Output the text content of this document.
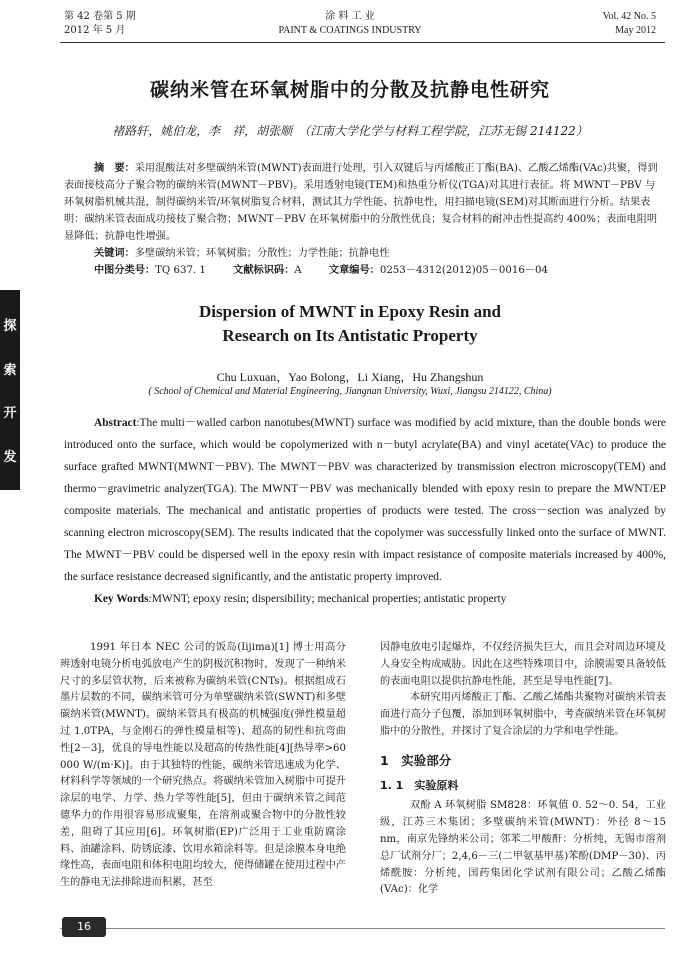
第 42 卷第 5 期
2012 年 5 月
涂 料 工 业
PAINT & COATINGS INDUSTRY
Vol. 42 No. 5
May 2012
探
索
开
发
碳纳米管在环氧树脂中的分散及抗静电性研究
褚路轩，姚伯龙，李　祥，胡张顺　（江南大学化学与材料工程学院，江苏无锡 214122）

摘　要：采用混酸法对多壁碳纳米管(MWNT)表面进行处理，引入双键后与丙烯酸正丁酯(BA)、乙酸乙烯酯(VAc)共聚，得到表面接枝高分子聚合物的碳纳米管(MWNT－PBV)。采用透射电镜(TEM)和热重分析仪(TGA)对其进行表征。将 MWNT－PBV 与环氧树脂机械共混，制得碳纳米管/环氧树脂复合材料，测试其力学性能、抗静电性，用扫描电镜(SEM)对其断面进行分析。结果表明：碳纳米管表面成功接枝了聚合物；MWNT－PBV 在环氧树脂中的分散性优良；复合材料的耐冲击性提高约 400%；表面电阻明显降低；抗静电性增强。

关键词：多壁碳纳米管；环氧树脂；分散性；力学性能；抗静电性

中图分类号：TQ 637. 1	文献标识码：A	文章编号：0253－4312(2012)05－0016－04

Dispersion of MWNT in Epoxy Resin and Research on Its Antistatic Property
Chu Luxuan，Yao Bolong，Li Xiang，Hu Zhangshun
( School of Chemical and Material Engineering, Jiangnan University, Wuxi, Jiangsu 214122, China)

Abstract:The multi－walled carbon nanotubes(MWNT) surface was modified by acid mixture, than the double bonds were introduced onto the surface, which would be copolymerized with n－butyl acrylate(BA) and vinyl acetate(VAc) to produce the surface grafted MWNT(MWNT－PBV). The MWNT－PBV was characterized by transmission electron microscopy(TEM) and thermo－gravimetric analyzer(TGA). The MWNT－PBV was mechanically blended with epoxy resin to prepare the MWNT/EP composite materials. The mechanical and antistatic properties of products were tested. The cross－section was analyzed by scanning electron microscopy(SEM). The results indicated that the copolymer was successfully linked onto the surface of MWNT. The MWNT－PBV could be dispersed well in the epoxy resin with impact resistance of composite materials increased by 400%, the surface resistance decreased significantly, and the antistatic property improved.

Key Words:MWNT; epoxy resin; dispersibility; mechanical properties; antistatic property

1991 年日本 NEC 公司的饭岛(Iijima)[1] 博士用高分辨透射电镜分析电弧放电产生的阴极沉积物时，发现了一种纳米尺寸的多层管状物，后来被称为碳纳米管(CNTs)。根据组成石墨片层数的不同，碳纳米管可分为单壁碳纳米管(SWNT)和多壁碳纳米管(MWNT)。碳纳米管具有极高的机械强度(弹性模量超过 1.0TPA，与金刚石的弹性模量相等)、超高的韧性和抗弯曲性[2－3]，优良的导电性能以及超高的传热性能[4][热导率>60 000 W/(m·K)]。由于其独特的性能，碳纳米管迅速成为化学、材料科学等领域的一个研究热点。将碳纳米管加入树脂中可提升涂层的电学、力学、热力学等性能[5]，但由于碳纳米管之间范德华力的作用很容易形成聚集，在溶剂或聚合物中的分散性较差，阻碍了其应用[6]。环氧树脂(EP)广泛用于工业重防腐涂料、油罐涂料、防锈底漆、饮用水箱涂料等。但是涂膜本身电绝缘性高，表面电阻和体积电阻均较大，使得储罐在使用过程中产生的静电无法排除进而积累，甚至

因静电放电引起爆炸，不仅经济损失巨大，而且会对周边环境及人身安全构成威胁。因此在这些特殊项目中，涂膜需要具备较低的表面电阻以提供抗静电性能，甚至是导电性能[7]。

本研究用丙烯酸正丁酯、乙酸乙烯酯共聚物对碳纳米管表面进行高分子包覆，添加到环氧树脂中，考查碳纳米管在环氧树脂中的分散性，并探讨了复合涂层的力学和电学性能。

1　实验部分
1. 1　实验原料

双酚 A 环氧树脂 SM828：环氧值 0. 52～0. 54，工业级，江苏三木集团；多壁碳纳米管(MWNT)：外径 8～15 nm，南京先锋纳米公司；邻苯二甲酸酐：分析纯，无锡市溶剂总厂试剂分厂；2,4,6－三(二甲氨基甲基)苯酚(DMP－30)、丙烯酰胺：分析纯，国药集团化学试剂有限公司；乙酸乙烯酯(VAc)：化学

16
